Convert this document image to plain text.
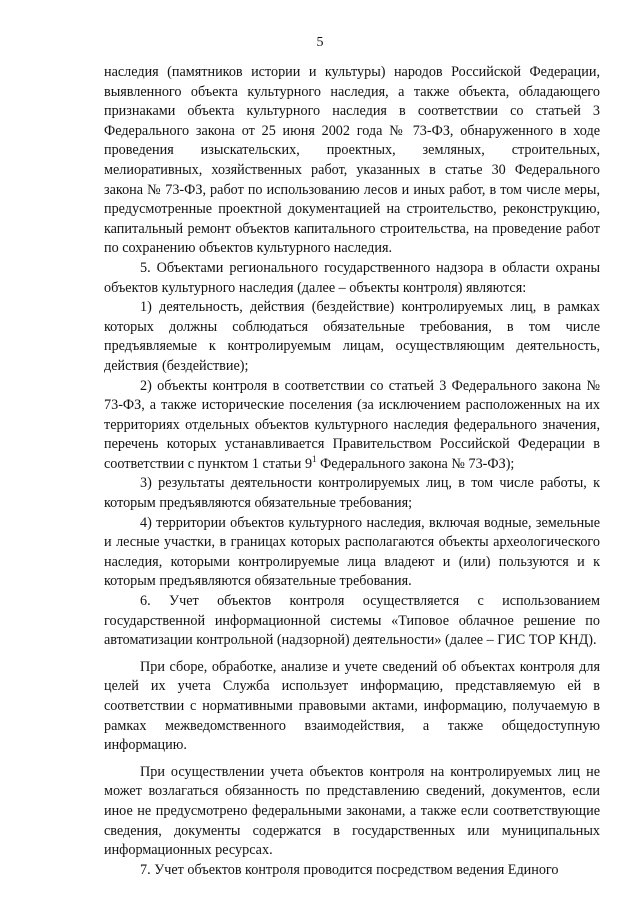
5

наследия (памятников истории и культуры) народов Российской Федерации, выявленного объекта культурного наследия, а также объекта, обладающего признаками объекта культурного наследия в соответствии со статьей 3 Федерального закона от 25 июня 2002 года № 73-ФЗ, обнаруженного в ходе проведения изыскательских, проектных, земляных, строительных, мелиоративных, хозяйственных работ, указанных в статье 30 Федерального закона № 73-ФЗ, работ по использованию лесов и иных работ, в том числе меры, предусмотренные проектной документацией на строительство, реконструкцию, капитальный ремонт объектов капитального строительства, на проведение работ по сохранению объектов культурного наследия.

5. Объектами регионального государственного надзора в области охраны объектов культурного наследия (далее – объекты контроля) являются:

1) деятельность, действия (бездействие) контролируемых лиц, в рамках которых должны соблюдаться обязательные требования, в том числе предъявляемые к контролируемым лицам, осуществляющим деятельность, действия (бездействие);

2) объекты контроля в соответствии со статьей 3 Федерального закона № 73-ФЗ, а также исторические поселения (за исключением расположенных на их территориях отдельных объектов культурного наследия федерального значения, перечень которых устанавливается Правительством Российской Федерации в соответствии с пунктом 1 статьи $9^1$ Федерального закона № 73-ФЗ);

3) результаты деятельности контролируемых лиц, в том числе работы, к которым предъявляются обязательные требования;

4) территории объектов культурного наследия, включая водные, земельные и лесные участки, в границах которых располагаются объекты археологического наследия, которыми контролируемые лица владеют и (или) пользуются и к которым предъявляются обязательные требования.

6. Учет объектов контроля осуществляется с использованием государственной информационной системы «Типовое облачное решение по автоматизации контрольной (надзорной) деятельности» (далее – ГИС ТОР КНД).

При сборе, обработке, анализе и учете сведений об объектах контроля для целей их учета Служба использует информацию, представляемую ей в соответствии с нормативными правовыми актами, информацию, получаемую в рамках межведомственного взаимодействия, а также общедоступную информацию.

При осуществлении учета объектов контроля на контролируемых лиц не может возлагаться обязанность по представлению сведений, документов, если иное не предусмотрено федеральными законами, а также если соответствующие сведения, документы содержатся в государственных или муниципальных информационных ресурсах.

7. Учет объектов контроля проводится посредством ведения Единого
